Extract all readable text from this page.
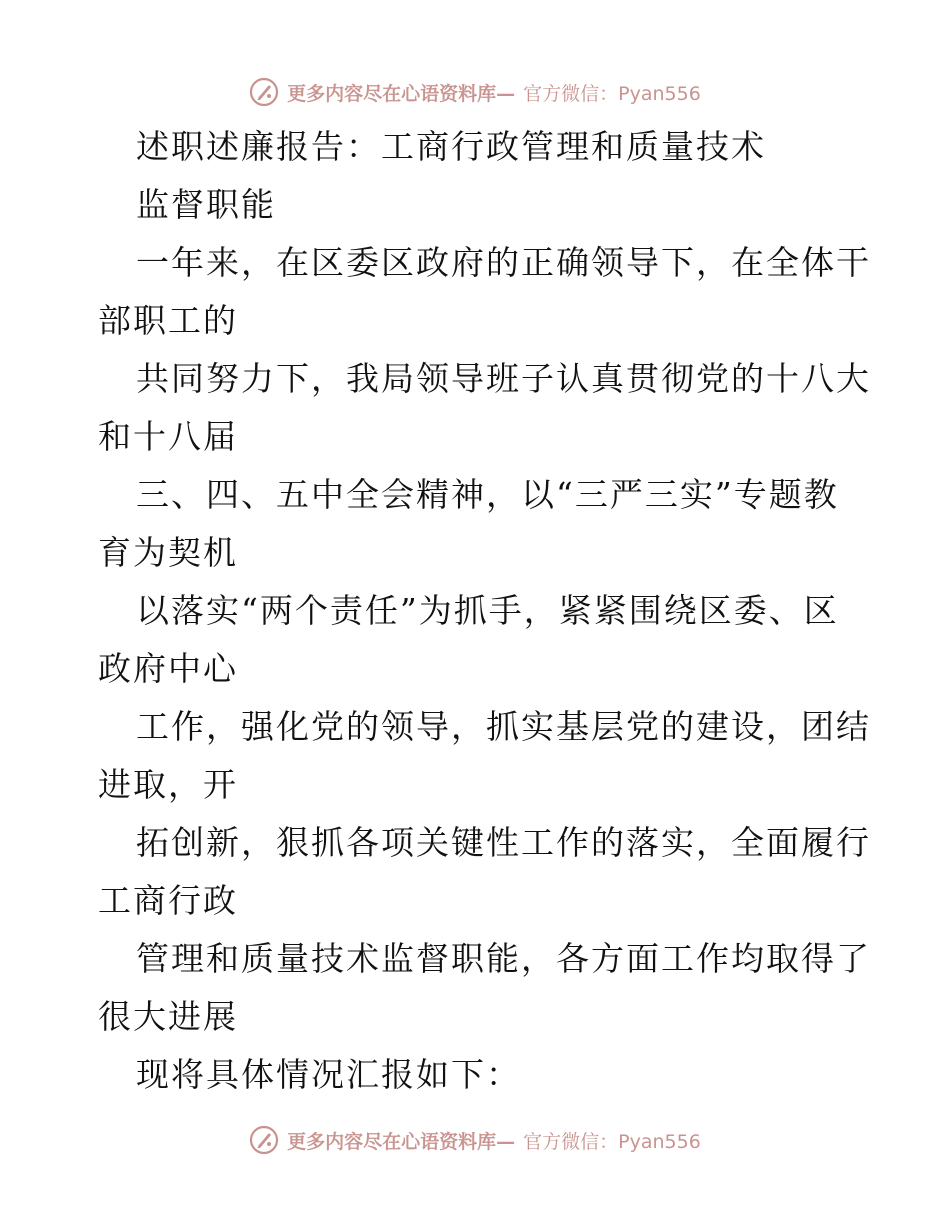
更多内容尽在心语资料库— 官方微信：Pyan556
述职述廉报告：工商行政管理和质量技术
监督职能
一年来，在区委区政府的正确领导下，在全体干
部职工的
共同努力下，我局领导班子认真贯彻党的十八大
和十八届
三、四、五中全会精神，以“三严三实”专题教
育为契机
以落实“两个责任”为抓手，紧紧围绕区委、区
政府中心
工作，强化党的领导，抓实基层党的建设，团结
进取，开
拓创新，狠抓各项关键性工作的落实，全面履行
工商行政
管理和质量技术监督职能，各方面工作均取得了
很大进展
现将具体情况汇报如下：
更多内容尽在心语资料库— 官方微信：Pyan556
